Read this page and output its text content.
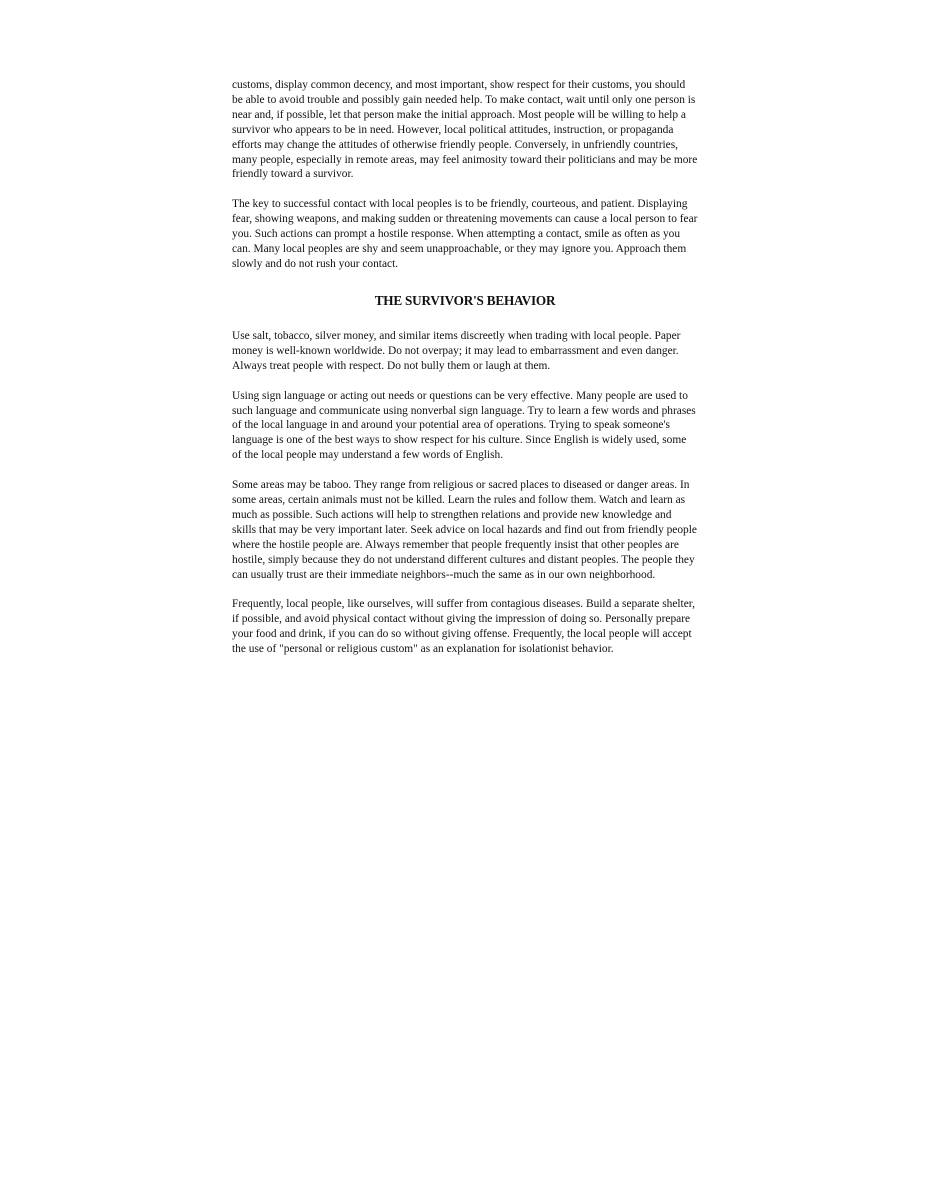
customs, display common decency, and most important, show respect for their customs, you should be able to avoid trouble and possibly gain needed help. To make contact, wait until only one person is near and, if possible, let that person make the initial approach. Most people will be willing to help a survivor who appears to be in need. However, local political attitudes, instruction, or propaganda efforts may change the attitudes of otherwise friendly people. Conversely, in unfriendly countries, many people, especially in remote areas, may feel animosity toward their politicians and may be more friendly toward a survivor.

The key to successful contact with local peoples is to be friendly, courteous, and patient. Displaying fear, showing weapons, and making sudden or threatening movements can cause a local person to fear you. Such actions can prompt a hostile response. When attempting a contact, smile as often as you can. Many local peoples are shy and seem unapproachable, or they may ignore you. Approach them slowly and do not rush your contact.

THE SURVIVOR'S BEHAVIOR

Use salt, tobacco, silver money, and similar items discreetly when trading with local people. Paper money is well-known worldwide. Do not overpay; it may lead to embarrassment and even danger. Always treat people with respect. Do not bully them or laugh at them.

Using sign language or acting out needs or questions can be very effective. Many people are used to such language and communicate using nonverbal sign language. Try to learn a few words and phrases of the local language in and around your potential area of operations. Trying to speak someone's language is one of the best ways to show respect for his culture. Since English is widely used, some of the local people may understand a few words of English.

Some areas may be taboo. They range from religious or sacred places to diseased or danger areas. In some areas, certain animals must not be killed. Learn the rules and follow them. Watch and learn as much as possible. Such actions will help to strengthen relations and provide new knowledge and skills that may be very important later. Seek advice on local hazards and find out from friendly people where the hostile people are. Always remember that people frequently insist that other peoples are hostile, simply because they do not understand different cultures and distant peoples. The people they can usually trust are their immediate neighbors--much the same as in our own neighborhood.

Frequently, local people, like ourselves, will suffer from contagious diseases. Build a separate shelter, if possible, and avoid physical contact without giving the impression of doing so. Personally prepare your food and drink, if you can do so without giving offense. Frequently, the local people will accept the use of "personal or religious custom" as an explanation for isolationist behavior.
